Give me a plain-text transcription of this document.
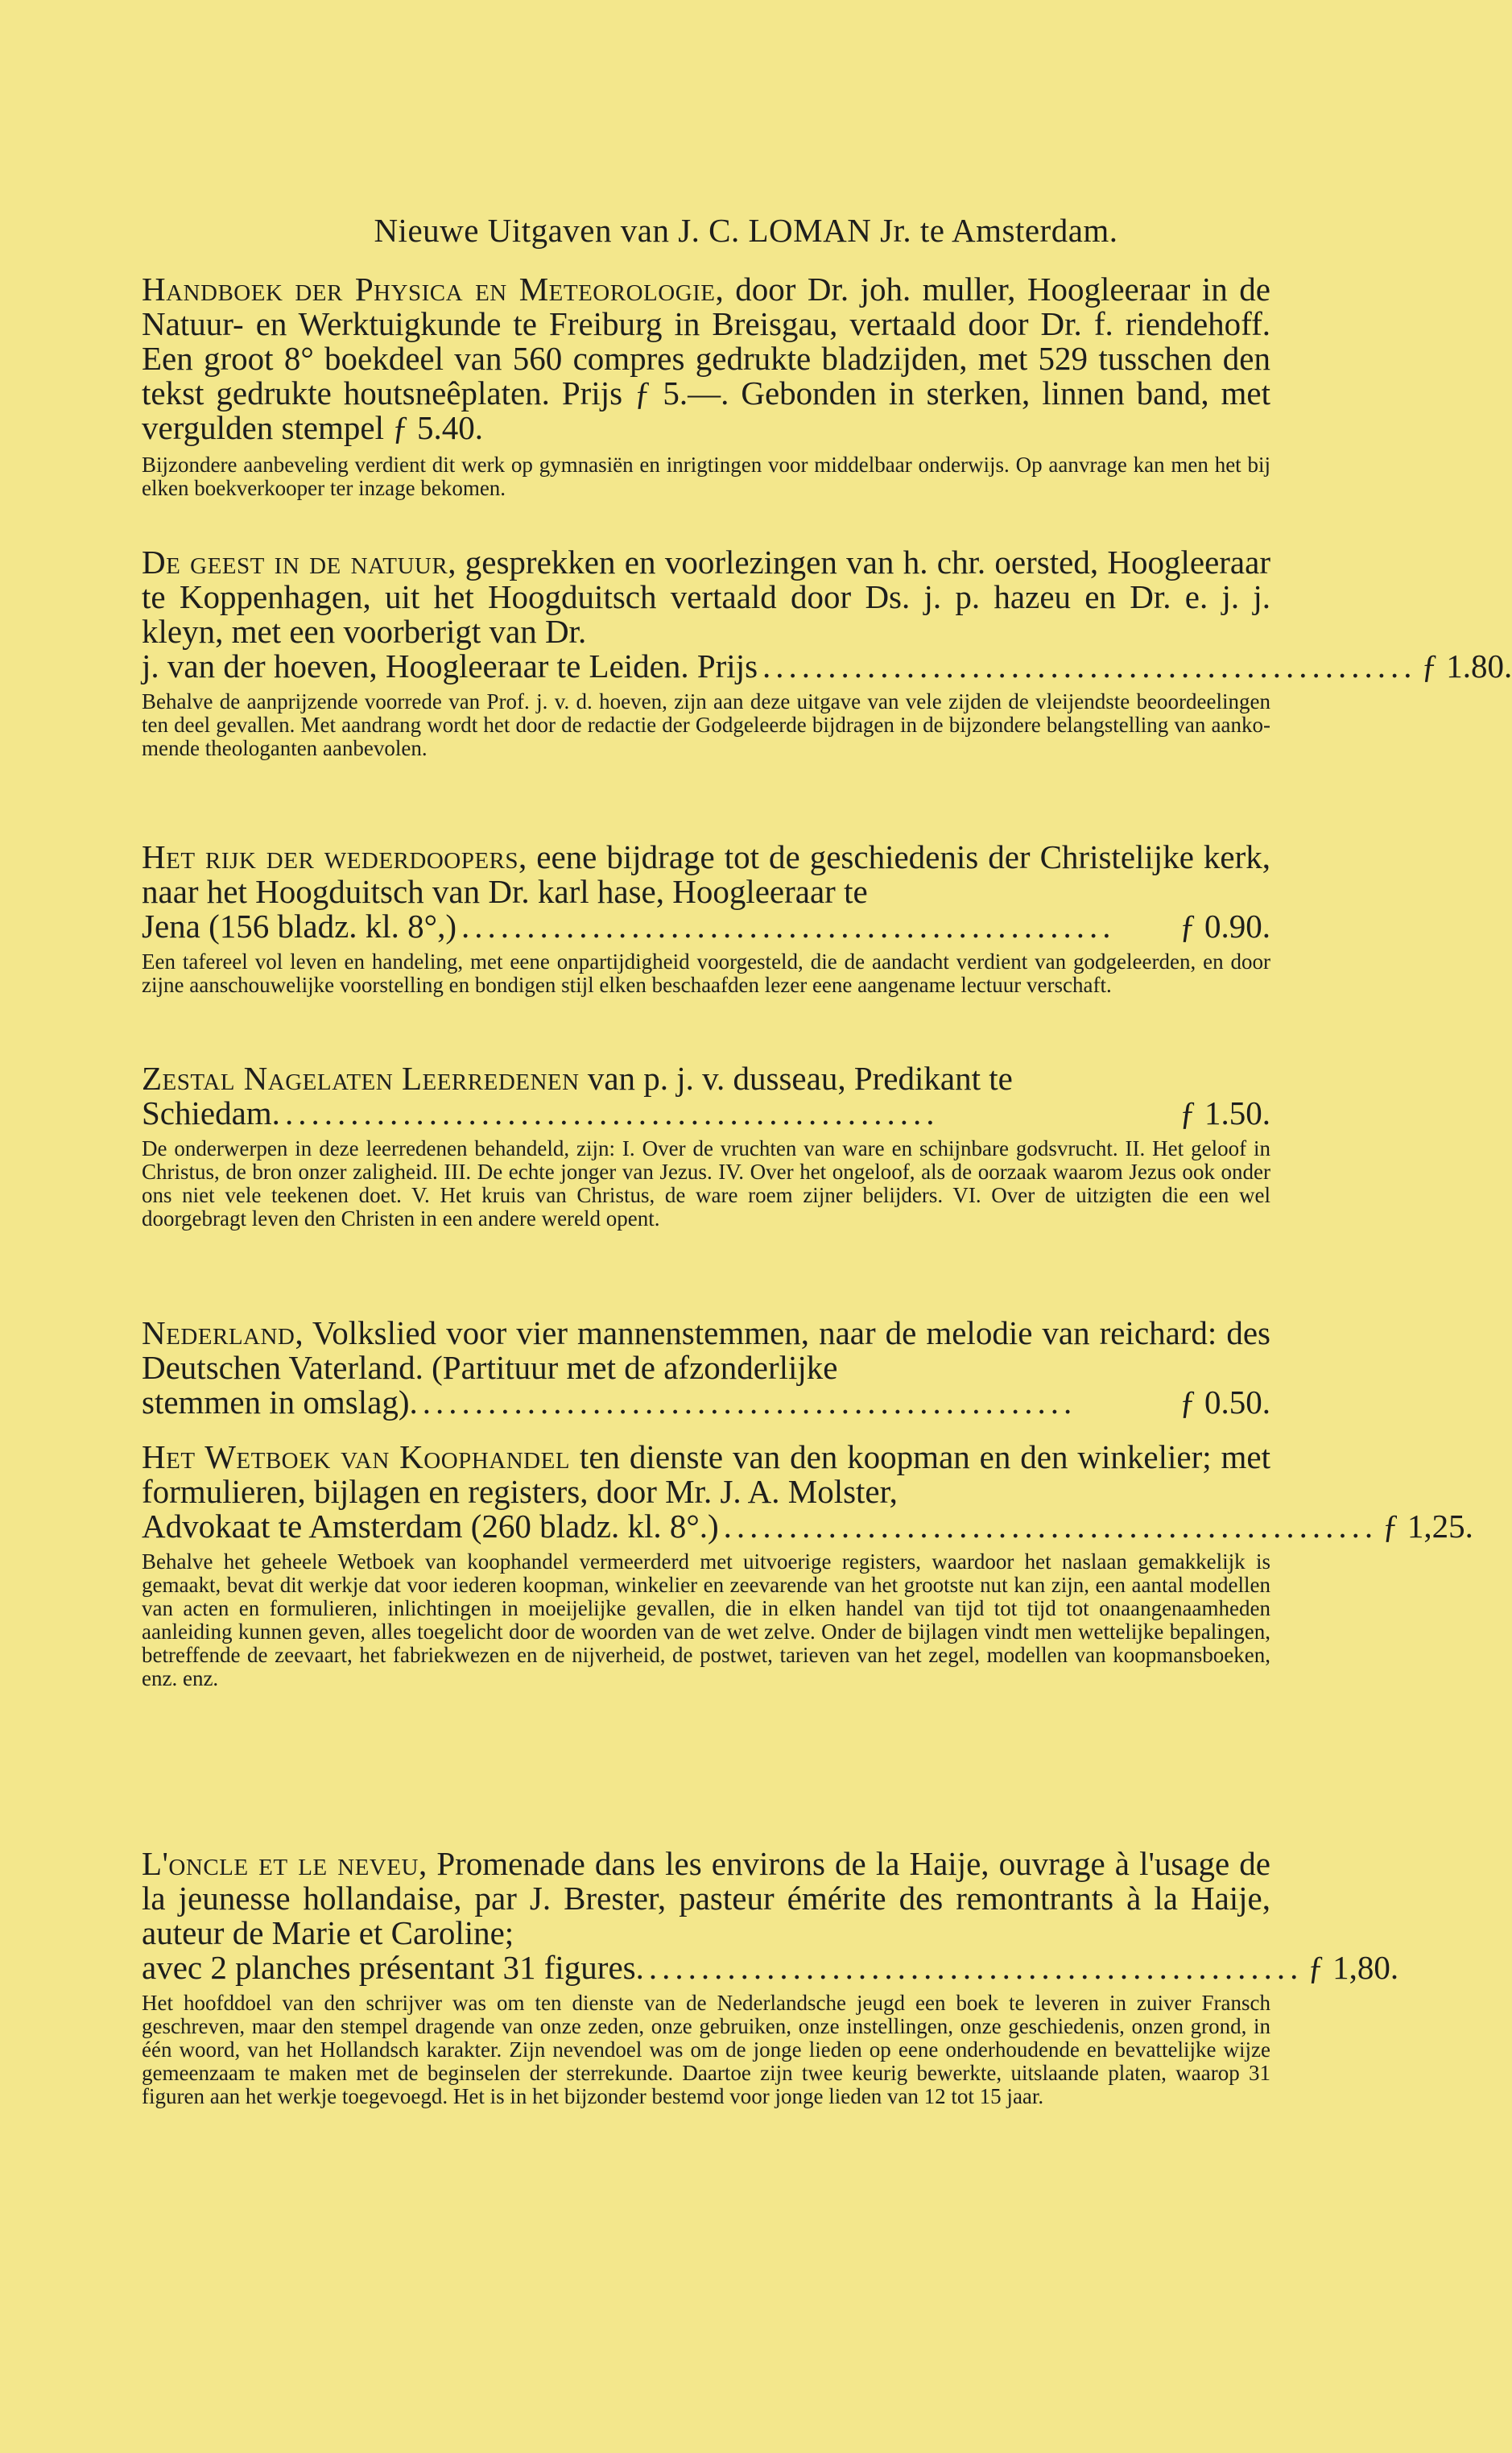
Nieuwe Uitgaven van J. C. LOMAN Jr. te Amsterdam.
Handboek der Physica en Meteorologie, door Dr. joh. muller, Hoogleeraar in de Natuur- en Werktuigkunde te Freiburg in Breisgau, vertaald door Dr. f. riendehoff. Een groot 8° boekdeel van 560 compres gedrukte bladzijden, met 529 tusschen den tekst gedrukte houtsneêplaten. Prijs ƒ 5.—. Gebonden in sterken, linnen band, met vergulden stempel ƒ 5.40.
Bijzondere aanbeveling verdient dit werk op gymnasiën en inrigtingen voor middelbaar onderwijs. Op aanvrage kan men het bij elken boekverkooper ter inzage bekomen.
De geest in de natuur, gesprekken en voorlezingen van h. chr. oersted, Hoogleeraar te Koppenhagen, uit het Hoogduitsch vertaald door Ds. j. p. hazeu en Dr. e. j. j. kleyn, met een voorberigt van Dr.
j. van der hoeven, Hoogleeraar te Leiden. Prijs .................................................. ƒ 1.80.
Behalve de aanprijzende voorrede van Prof. j. v. d. hoeven, zijn aan deze uitgave van vele zijden de vleijendste beoordeelingen ten deel gevallen. Met aandrang wordt het door de redactie der Godgeleerde bijdragen in de bijzondere belangstelling van aankomende theologanten aanbevolen.
Het rijk der wederdoopers, eene bijdrage tot de geschiedenis der Christelijke kerk, naar het Hoogduitsch van Dr. karl hase, Hoogleeraar te
Jena (156 bladz. kl. 8°,) ..................................................	ƒ 0.90.
Een tafereel vol leven en handeling, met eene onpartijdigheid voorgesteld, die de aandacht verdient van godgeleerden, en door zijne aanschouwelijke voorstelling en bondigen stijl elken beschaafden lezer eene aangename lectuur verschaft.
Zestal Nagelaten Leerredenen van p. j. v. dusseau, Predikant te
Schiedam. ..................................................	ƒ 1.50.
De onderwerpen in deze leerredenen behandeld, zijn: I. Over de vruchten van ware en schijnbare godsvrucht. II. Het geloof in Christus, de bron onzer zaligheid. III. De echte jonger van Jezus. IV. Over het ongeloof, als de oorzaak waarom Jezus ook onder ons niet vele teekenen doet. V. Het kruis van Christus, de ware roem zijner belijders. VI. Over de uitzigten die een wel doorgebragt leven den Christen in een andere wereld opent.
Nederland, Volkslied voor vier mannenstemmen, naar de melodie van reichard: des Deutschen Vaterland. (Partituur met de afzonderlijke
stemmen in omslag). ..................................................	ƒ 0.50.
Het Wetboek van Koophandel ten dienste van den koopman en den winkelier; met formulieren, bijlagen en registers, door Mr. J. A. Molster,
Advokaat te Amsterdam (260 bladz. kl. 8°.) .................................................. ƒ 1,25.
Behalve het geheele Wetboek van koophandel vermeerderd met uitvoerige registers, waardoor het naslaan gemakkelijk is gemaakt, bevat dit werkje dat voor iederen koopman, winkelier en zeevarende van het grootste nut kan zijn, een aantal modellen van acten en formulieren, inlichtingen in moeijelijke gevallen, die in elken handel van tijd tot tijd tot onaangenaamheden aanleiding kunnen geven, alles toegelicht door de woorden van de wet zelve. Onder de bijlagen vindt men wettelijke bepalingen, betreffende de zeevaart, het fabriekwezen en de nijverheid, de postwet, tarieven van het zegel, modellen van koopmansboeken, enz. enz.
L'oncle et le neveu, Promenade dans les environs de la Haije, ouvrage à l'usage de la jeunesse hollandaise, par J. Brester, pasteur émérite des remontrants à la Haije, auteur de Marie et Caroline;
avec 2 planches présentant 31 figures. .................................................. ƒ 1,80.
Het hoofddoel van den schrijver was om ten dienste van de Nederlandsche jeugd een boek te leveren in zuiver Fransch geschreven, maar den stempel dragende van onze zeden, onze gebruiken, onze instellingen, onze geschiedenis, onzen grond, in één woord, van het Hollandsch karakter. Zijn nevendoel was om de jonge lieden op eene onderhoudende en bevattelijke wijze gemeenzaam te maken met de beginselen der sterrekunde. Daartoe zijn twee keurig bewerkte, uitslaande platen, waarop 31 figuren aan het werkje toegevoegd. Het is in het bijzonder bestemd voor jonge lieden van 12 tot 15 jaar.
